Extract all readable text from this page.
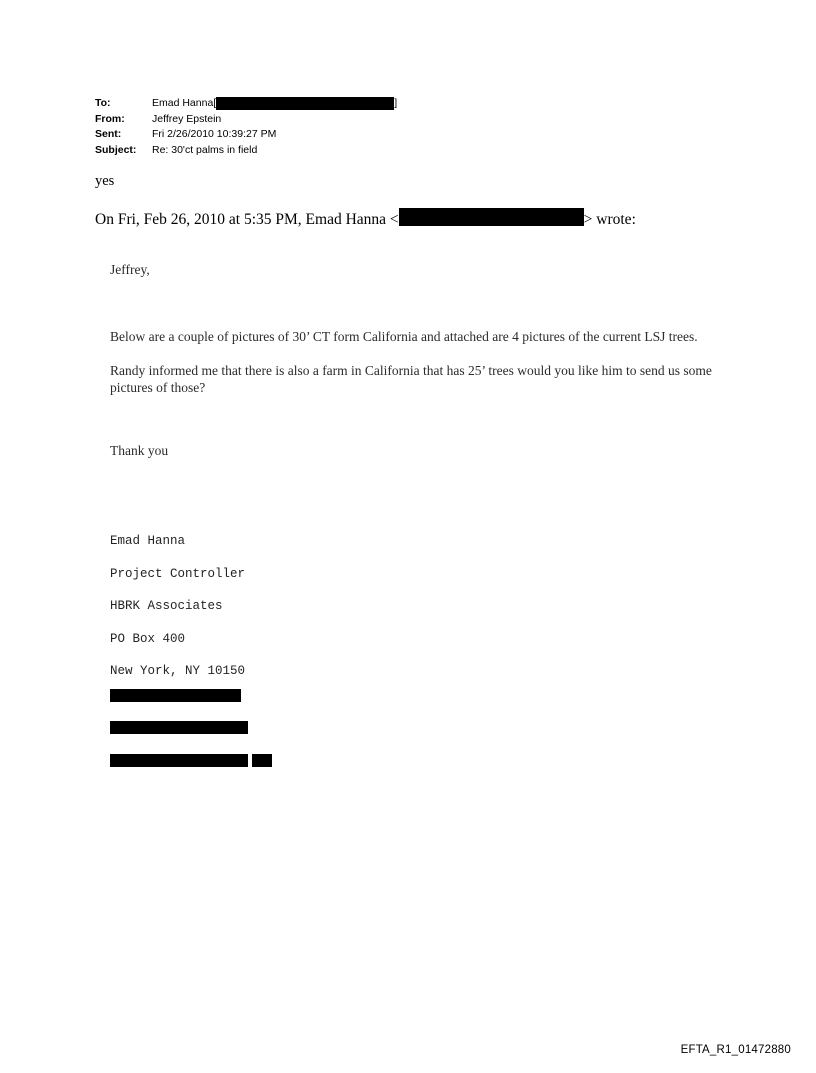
To:	Emad Hanna[	]
From:	Jeffrey Epstein
Sent:	Fri 2/26/2010 10:39:27 PM
Subject:	Re: 30'ct palms in field
yes
On Fri, Feb 26, 2010 at 5:35 PM, Emad Hanna <	> wrote:

Jeffrey,

Below are a couple of pictures of 30’ CT form California and attached are 4 pictures of the current LSJ trees.

Randy informed me that there is also a farm in California that has 25’ trees would you like him to send us some pictures of those?

Thank you

Emad Hanna
Project Controller
HBRK Associates
PO Box 400
New York, NY 10150
EFTA_R1_01472880
